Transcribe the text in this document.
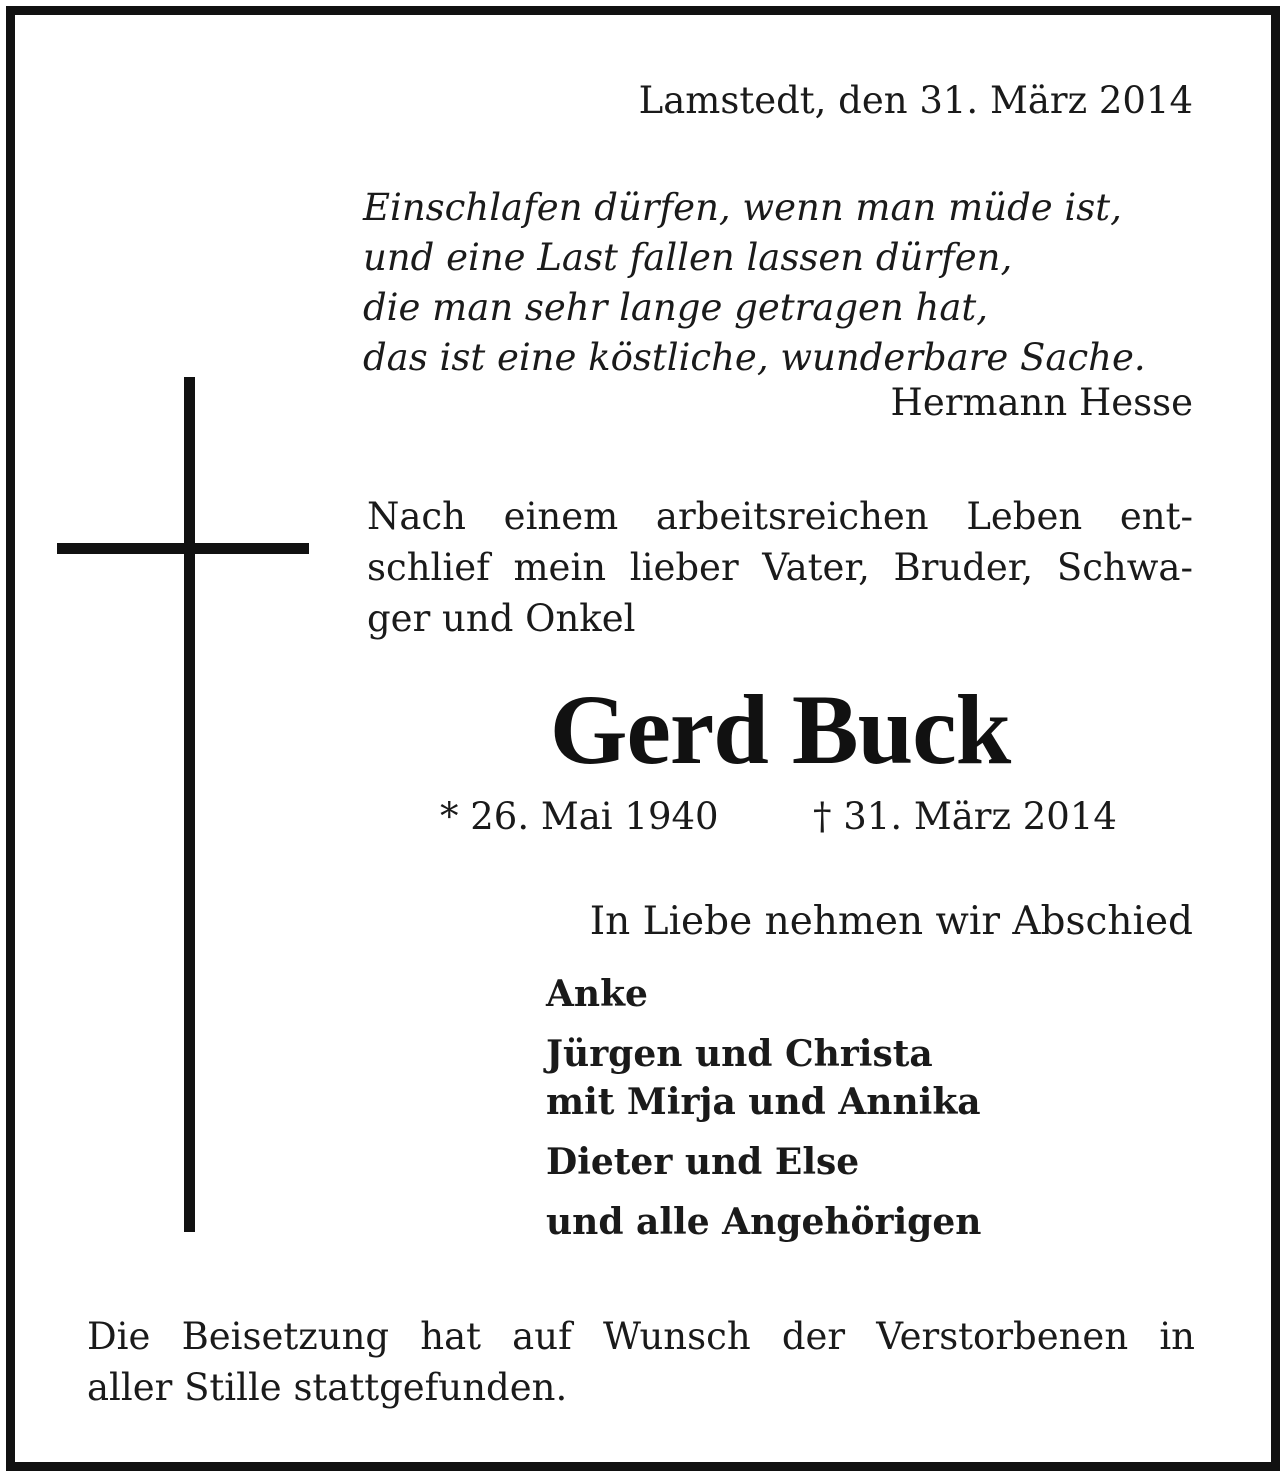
Lamstedt, den 31. März 2014
Einschlafen dürfen, wenn man müde ist,
und eine Last fallen lassen dürfen,
die man sehr lange getragen hat,
das ist eine köstliche, wunderbare Sache.
Hermann Hesse
Nach einem arbeitsreichen Leben ent-
schlief mein lieber Vater, Bruder, Schwa-
ger und Onkel
Gerd Buck
* 26. Mai 1940	† 31. März 2014
In Liebe nehmen wir Abschied
Anke
Jürgen und Christa
mit Mirja und Annika
Dieter und Else
und alle Angehörigen
Die Beisetzung hat auf Wunsch der Verstorbenen in
aller Stille stattgefunden.
